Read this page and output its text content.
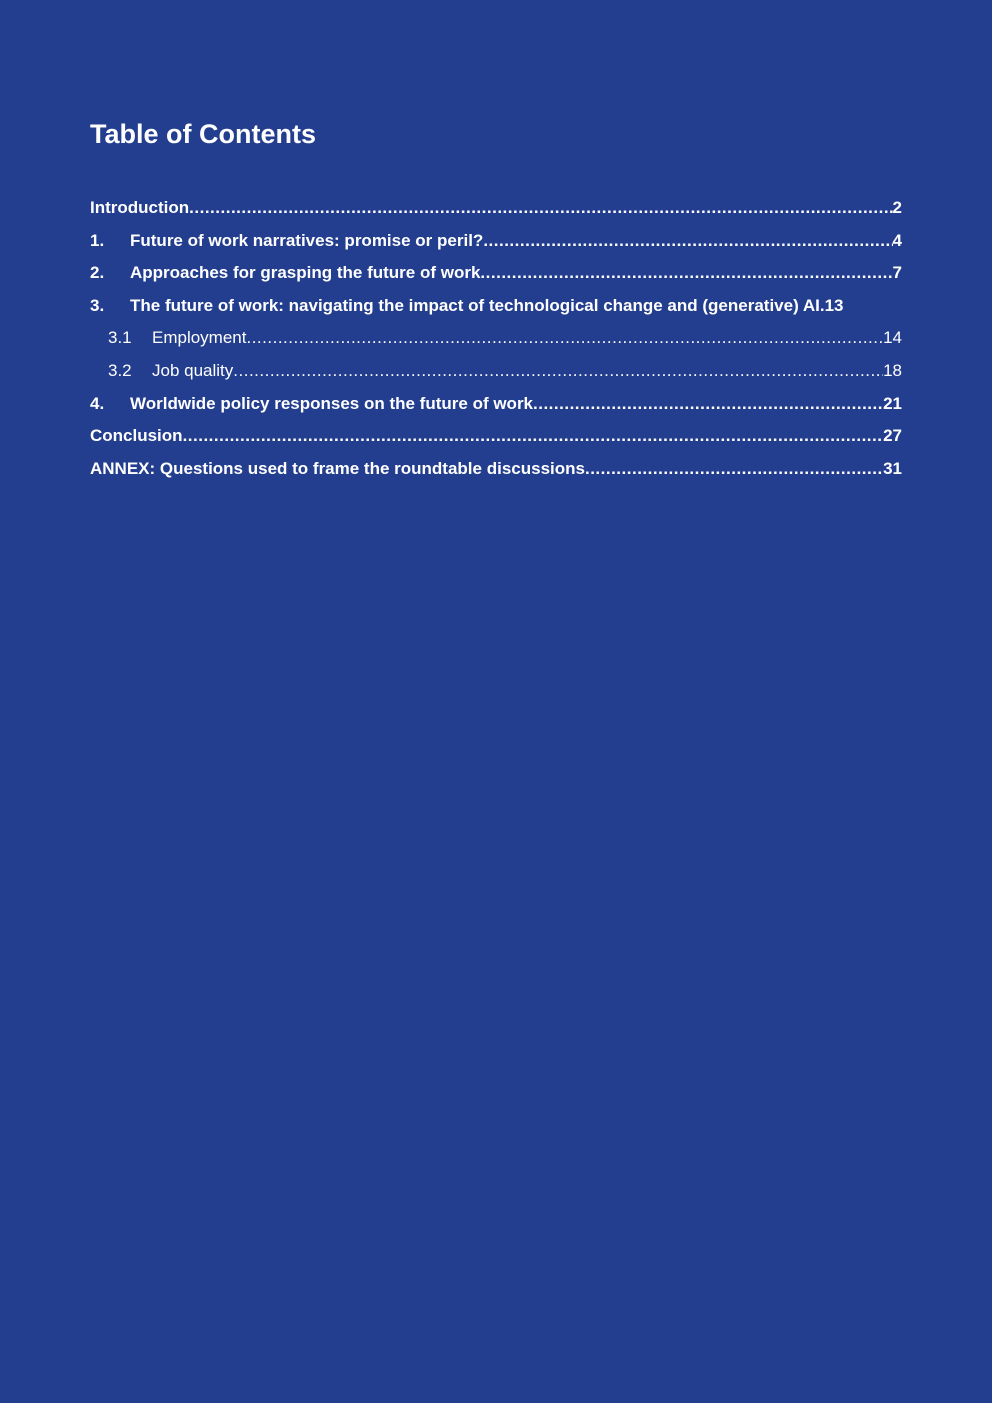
Table of Contents
Introduction .....	2
1.	Future of work narratives: promise or peril? .....	4
2.	Approaches for grasping the future of work .....	7
3.	The future of work: navigating the impact of technological change and (generative) AI. 13
3.1	Employment .....	14
3.2	Job quality .....	18
4.	Worldwide policy responses on the future of work .....	21
Conclusion .....	27
ANNEX: Questions used to frame the roundtable discussions .....	31
